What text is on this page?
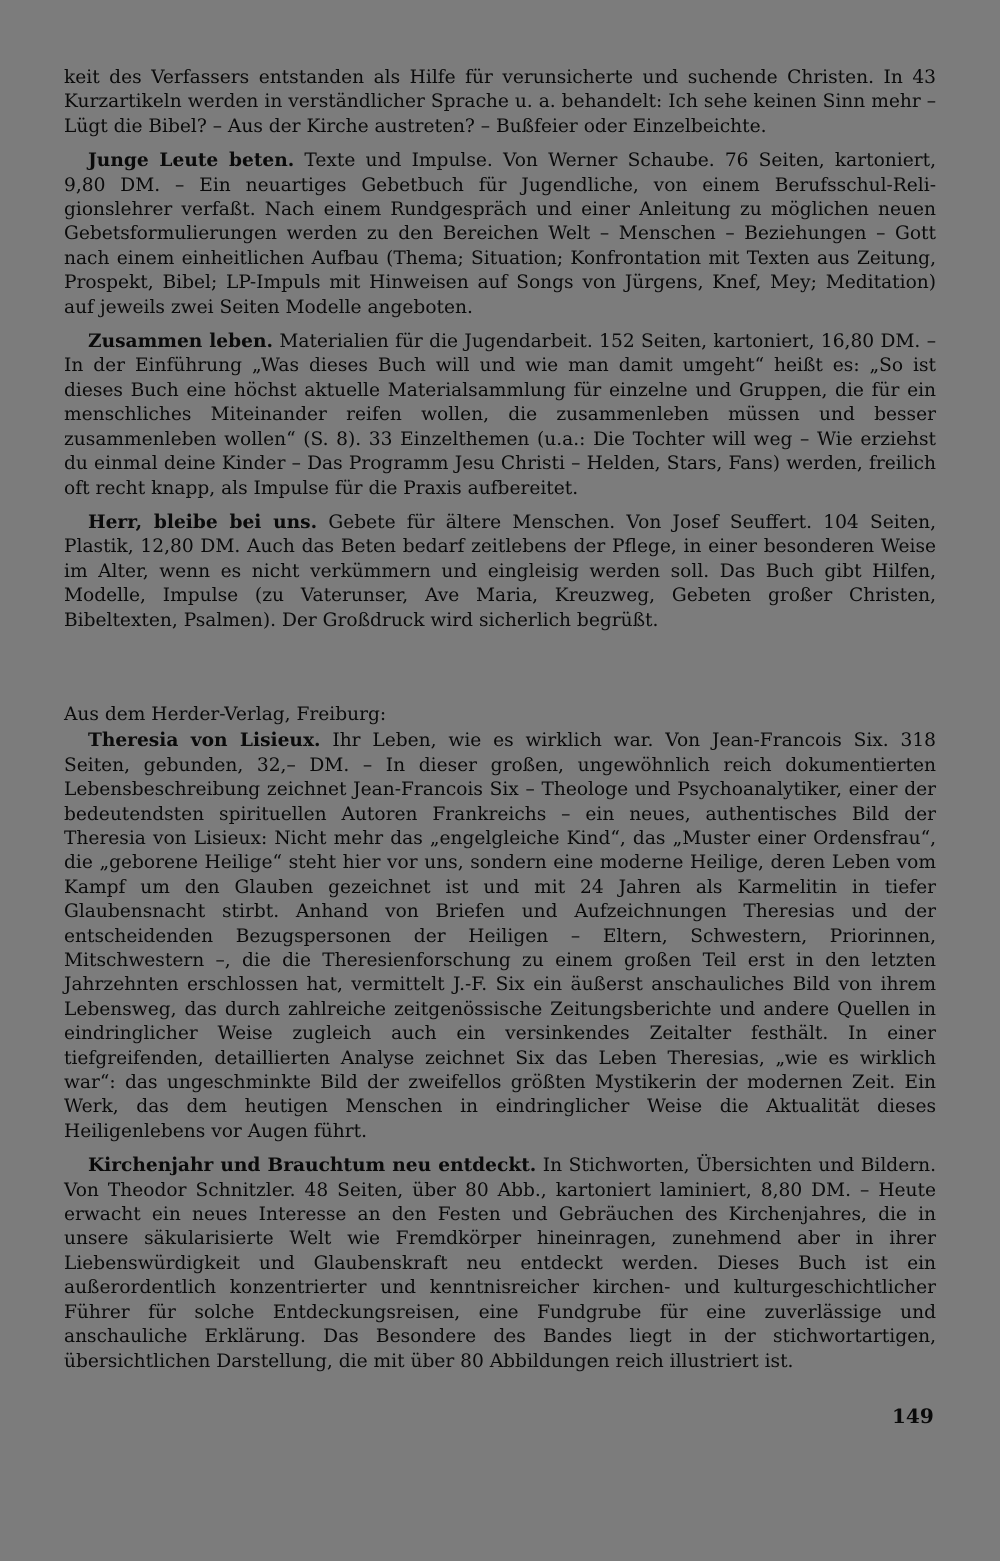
keit des Verfassers entstanden als Hilfe für verunsicherte und suchende Christen. In 43 Kurzartikeln werden in verständlicher Sprache u. a. behandelt: Ich sehe keinen Sinn mehr – Lügt die Bibel? – Aus der Kirche austreten? – Bußfeier oder Einzelbeichte.

Junge Leute beten. Texte und Impulse. Von Werner Schaube. 76 Seiten, kartoniert, 9,80 DM. – Ein neuartiges Gebetbuch für Jugendliche, von einem Berufsschul-Religionslehrer verfaßt. Nach einem Rundgespräch und einer Anleitung zu möglichen neuen Gebetsformulierungen werden zu den Bereichen Welt – Menschen – Beziehungen – Gott nach einem einheitlichen Aufbau (Thema; Situation; Konfrontation mit Texten aus Zeitung, Prospekt, Bibel; LP-Impuls mit Hinweisen auf Songs von Jürgens, Knef, Mey; Meditation) auf jeweils zwei Seiten Modelle angeboten.

Zusammen leben. Materialien für die Jugendarbeit. 152 Seiten, kartoniert, 16,80 DM. – In der Einführung „Was dieses Buch will und wie man damit umgeht“ heißt es: „So ist dieses Buch eine höchst aktuelle Materialsammlung für einzelne und Gruppen, die für ein menschliches Miteinander reifen wollen, die zusammenleben müssen und besser zusammenleben wollen“ (S. 8). 33 Einzelthemen (u.a.: Die Tochter will weg – Wie erziehst du einmal deine Kinder – Das Programm Jesu Christi – Helden, Stars, Fans) werden, freilich oft recht knapp, als Impulse für die Praxis aufbereitet.

Herr, bleibe bei uns. Gebete für ältere Menschen. Von Josef Seuffert. 104 Seiten, Plastik, 12,80 DM. Auch das Beten bedarf zeitlebens der Pflege, in einer besonderen Weise im Alter, wenn es nicht verkümmern und eingleisig werden soll. Das Buch gibt Hilfen, Modelle, Impulse (zu Vaterunser, Ave Maria, Kreuzweg, Gebeten großer Christen, Bibeltexten, Psalmen). Der Großdruck wird sicherlich begrüßt.

Aus dem Herder-Verlag, Freiburg:

Theresia von Lisieux. Ihr Leben, wie es wirklich war. Von Jean-Francois Six. 318 Seiten, gebunden, 32,– DM. – In dieser großen, ungewöhnlich reich dokumentierten Lebensbeschreibung zeichnet Jean-Francois Six – Theologe und Psychoanalytiker, einer der bedeutendsten spirituellen Autoren Frankreichs – ein neues, authentisches Bild der Theresia von Lisieux: Nicht mehr das „engelgleiche Kind“, das „Muster einer Ordensfrau“, die „geborene Heilige“ steht hier vor uns, sondern eine moderne Heilige, deren Leben vom Kampf um den Glauben gezeichnet ist und mit 24 Jahren als Karmelitin in tiefer Glaubensnacht stirbt. Anhand von Briefen und Aufzeichnungen Theresias und der entscheidenden Bezugspersonen der Heiligen – Eltern, Schwestern, Priorinnen, Mitschwestern –, die die Theresienforschung zu einem großen Teil erst in den letzten Jahrzehnten erschlossen hat, vermittelt J.-F. Six ein äußerst anschauliches Bild von ihrem Lebensweg, das durch zahlreiche zeitgenössische Zeitungsberichte und andere Quellen in eindringlicher Weise zugleich auch ein versinkendes Zeitalter festhält. In einer tiefgreifenden, detaillierten Analyse zeichnet Six das Leben Theresias, „wie es wirklich war“: das ungeschminkte Bild der zweifellos größten Mystikerin der modernen Zeit. Ein Werk, das dem heutigen Menschen in eindringlicher Weise die Aktualität dieses Heiligenlebens vor Augen führt.

Kirchenjahr und Brauchtum neu entdeckt. In Stichworten, Übersichten und Bildern. Von Theodor Schnitzler. 48 Seiten, über 80 Abb., kartoniert laminiert, 8,80 DM. – Heute erwacht ein neues Interesse an den Festen und Gebräuchen des Kirchenjahres, die in unsere säkularisierte Welt wie Fremdkörper hineinragen, zunehmend aber in ihrer Liebenswürdigkeit und Glaubenskraft neu entdeckt werden. Dieses Buch ist ein außerordentlich konzentrierter und kenntnisreicher kirchen- und kulturgeschichtlicher Führer für solche Entdeckungsreisen, eine Fundgrube für eine zuverlässige und anschauliche Erklärung. Das Besondere des Bandes liegt in der stichwortartigen, übersichtlichen Darstellung, die mit über 80 Abbildungen reich illustriert ist.

149
